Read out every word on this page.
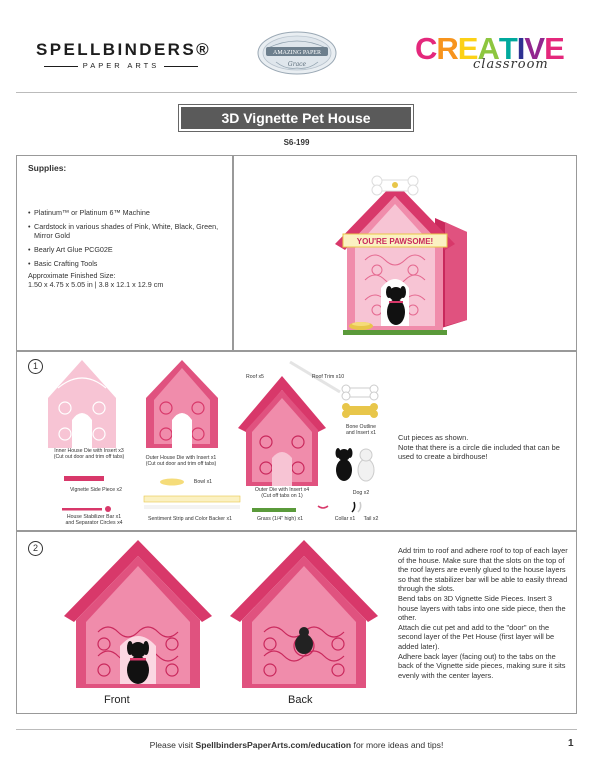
SPELLBINDERS®
PAPER ARTS
AMAZING PAPER
Grace	CREATIVE
classroom
3D Vignette Pet House
S6-199
Supplies:
• Platinum™ or Platinum 6™ Machine
• Cardstock in various shades of Pink, White, Black, Green, Mirror Gold
• Bearly Art Glue PCG02E
• Basic Crafting Tools
Approximate Finished Size:
1.50 x 4.75 x 5.05 in | 3.8 x 12.1 x 12.9 cm
YOU'RE PAWSOME!
1
Inner House Die with Insert x3
(Cut out door and trim off tabs)	Outer House Die with Insert x1
(Cut out door and trim off tabs)
Outer Die with Insert x4
(Cut off tabs on 1)
Roof x5	Roof Trim x10
Bone Outline
and Insert x1
Dog x2
Vignette Side Piece x2
Bowl x1
House Stabilizer Bar x1
and Separator Circles x4
Sentiment Strip and Color Backer x1	Grass (1/4" high) x1	Collar x1	Tail x2
Cut pieces as shown.
Note that there is a circle die included that can be used to create a birdhouse!
2
Front	Back
Add trim to roof and adhere roof to top of each layer of the house. Make sure that the slots on the top of the roof layers are evenly glued to the house layers so that the stabilizer bar will be able to easily thread through the slots.
Bend tabs on 3D Vignette Side Pieces. Insert 3 house layers with tabs into one side piece, then the other.
Attach die cut pet and add to the "door" on the second layer of the Pet House (first layer will be added later).
Adhere back layer (facing out) to the tabs on the back of the Vignette side pieces, making sure it sits evenly with the center layers.
Please visit SpellbindersPaperArts.com/education for more ideas and tips!	1
